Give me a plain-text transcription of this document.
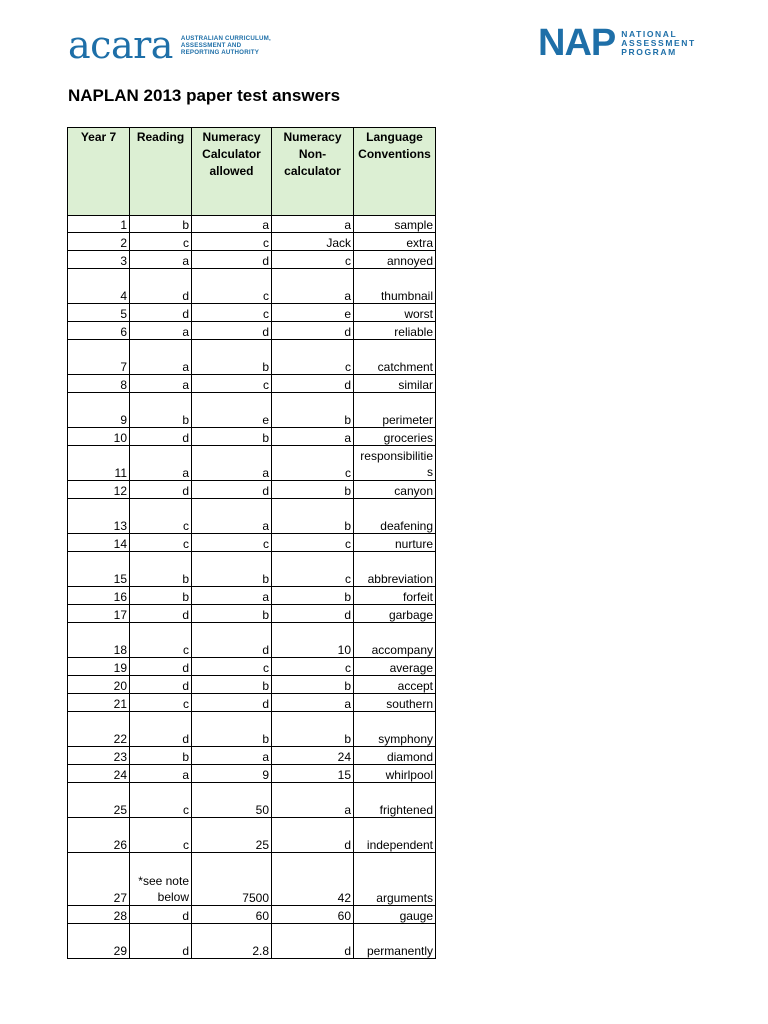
acara AUSTRALIAN CURRICULUM,
ASSESSMENT AND
REPORTING AUTHORITY	NAP NATIONAL
ASSESSMENT
PROGRAM
NAPLAN 2013 paper test answers
Year 7	Reading	Numeracy Calculator allowed	Numeracy Non-calculator	Language Conventions
1	b	a	a	sample
2	c	c	Jack	extra
3	a	d	c	annoyed
4	d	c	a	thumbnail
5	d	c	e	worst
6	a	d	d	reliable
7	a	b	c	catchment
8	a	c	d	similar
9	b	e	b	perimeter
10	d	b	a	groceries
11	a	a	c	responsibilities
12	d	d	b	canyon
13	c	a	b	deafening
14	c	c	c	nurture
15	b	b	c	abbreviation
16	b	a	b	forfeit
17	d	b	d	garbage
18	c	d	10	accompany
19	d	c	c	average
20	d	b	b	accept
21	c	d	a	southern
22	d	b	b	symphony
23	b	a	24	diamond
24	a	9	15	whirlpool
25	c	50	a	frightened
26	c	25	d	independent
27	*see note below	7500	42	arguments
28	d	60	60	gauge
29	d	2.8	d	permanently
